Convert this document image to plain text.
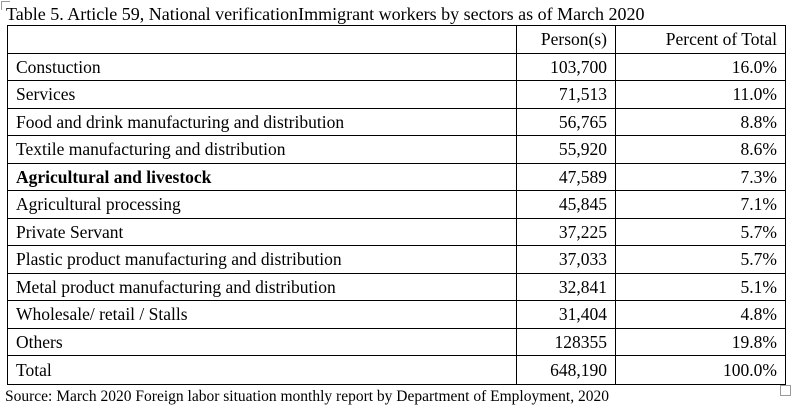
Table 5. Article 59, National verificationImmigrant workers by sectors as of March 2020
	Person(s)	Percent of Total
Constuction	103,700	16.0%
Services	71,513	11.0%
Food and drink manufacturing and distribution	56,765	8.8%
Textile manufacturing and distribution	55,920	8.6%
Agricultural and livestock	47,589	7.3%
Agricultural processing	45,845	7.1%
Private Servant	37,225	5.7%
Plastic product manufacturing and distribution	37,033	5.7%
Metal product manufacturing and distribution	32,841	5.1%
Wholesale/ retail / Stalls	31,404	4.8%
Others	128355	19.8%
Total	648,190	100.0%
Source: March 2020 Foreign labor situation monthly report by Department of Employment, 2020
